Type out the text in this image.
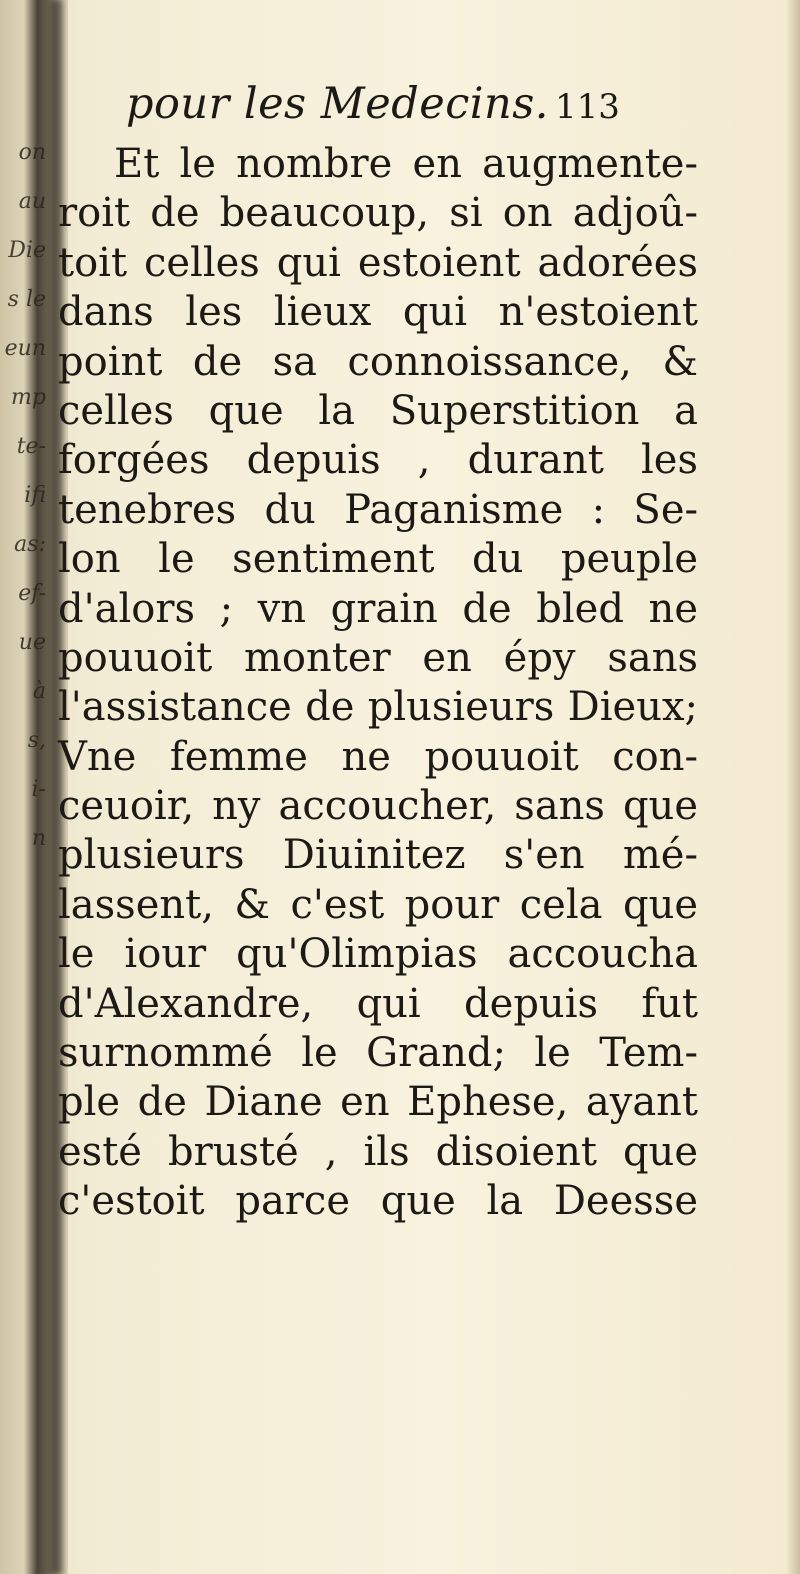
on
au
Die
s le
eun
mp
te-
ifi
as:
ef-
ue
à
s,
i-
n
pour les Medecins. 113
Et le nombre en augmente-
roit de beaucoup, si on adjoû-
toit celles qui estoient adorées
dans les lieux qui n'estoient
point de sa connoissance, &
celles que la Superstition a
forgées depuis , durant les
tenebres du Paganisme : Se-
lon le sentiment du peuple
d'alors ; vn grain de bled ne
pouuoit monter en épy sans
l'assistance de plusieurs Dieux;
Vne femme ne pouuoit con-
ceuoir, ny accoucher, sans que
plusieurs Diuinitez s'en mé-
lassent, & c'est pour cela que
le iour qu'Olimpias accoucha
d'Alexandre, qui depuis fut
surnommé le Grand; le Tem-
ple de Diane en Ephese, ayant
esté brusté , ils disoient que
c'estoit parce que la Deesse
